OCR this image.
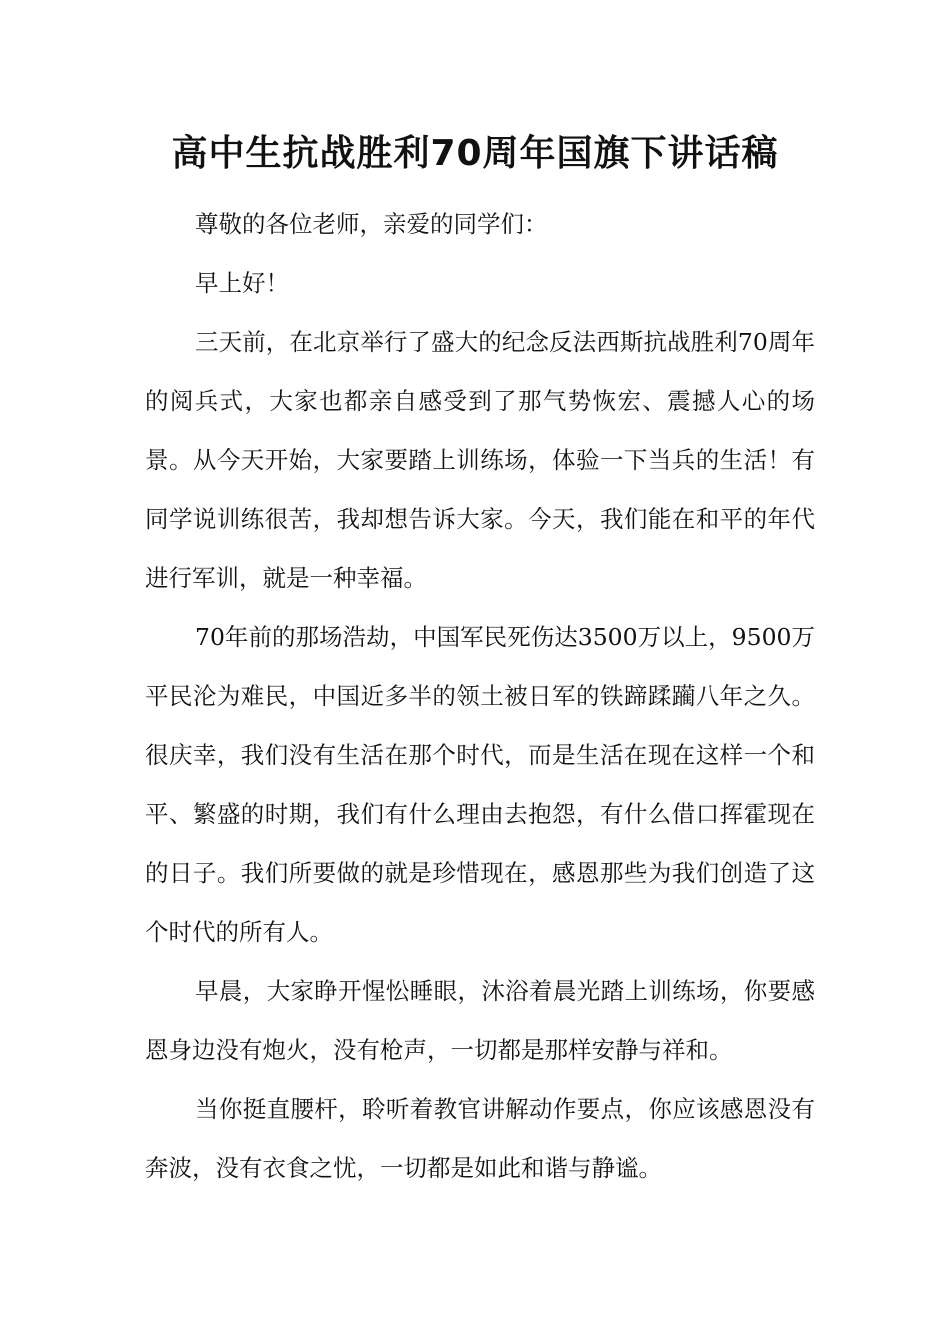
高中生抗战胜利70周年国旗下讲话稿

尊敬的各位老师，亲爱的同学们：

早上好！

三天前，在北京举行了盛大的纪念反法西斯抗战胜利70周年的阅兵式，大家也都亲自感受到了那气势恢宏、震撼人心的场景。从今天开始，大家要踏上训练场，体验一下当兵的生活！有同学说训练很苦，我却想告诉大家。今天，我们能在和平的年代进行军训，就是一种幸福。

70年前的那场浩劫，中国军民死伤达3500万以上，9500万平民沦为难民，中国近多半的领土被日军的铁蹄蹂躏八年之久。很庆幸，我们没有生活在那个时代，而是生活在现在这样一个和平、繁盛的时期，我们有什么理由去抱怨，有什么借口挥霍现在的日子。我们所要做的就是珍惜现在，感恩那些为我们创造了这个时代的所有人。

早晨，大家睁开惺忪睡眼，沐浴着晨光踏上训练场，你要感恩身边没有炮火，没有枪声，一切都是那样安静与祥和。

当你挺直腰杆，聆听着教官讲解动作要点，你应该感恩没有奔波，没有衣食之忧，一切都是如此和谐与静谧。
